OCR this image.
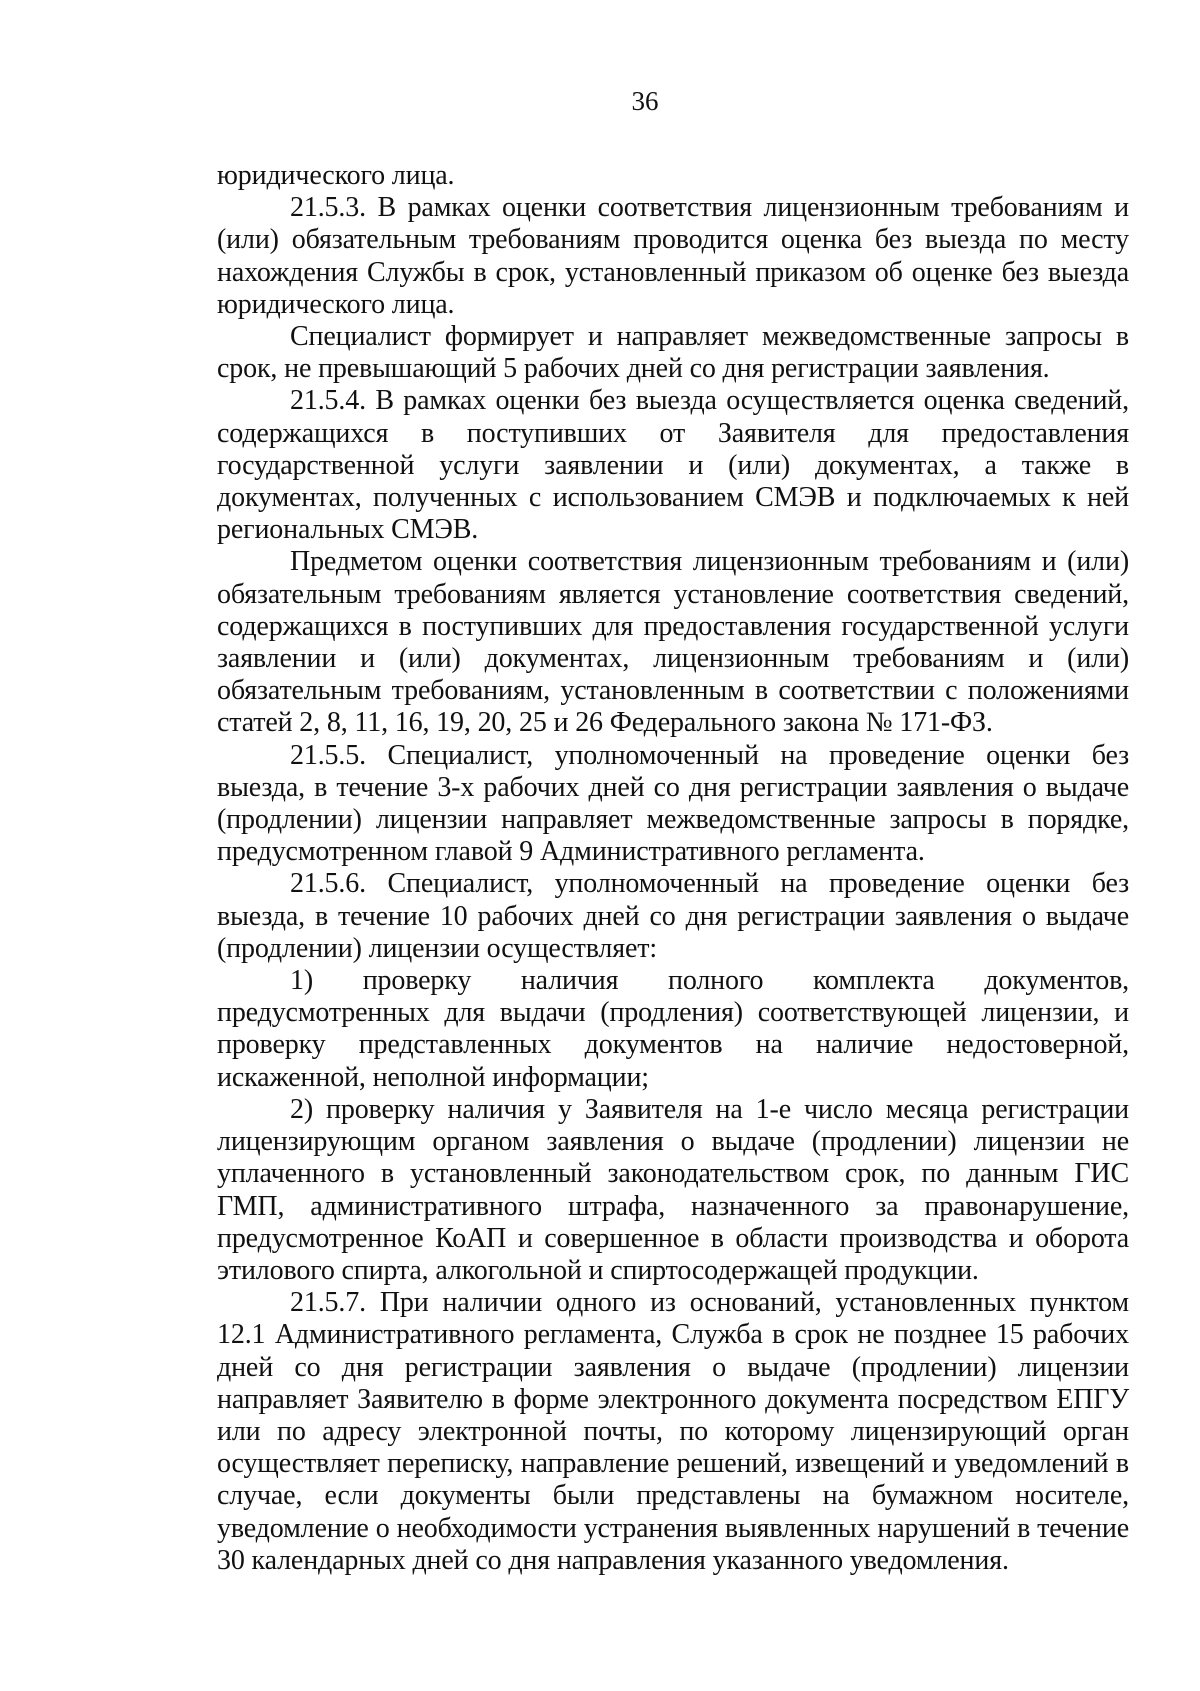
36

юридического лица.

21.5.3. В рамках оценки соответствия лицензионным требованиям и (или) обязательным требованиям проводится оценка без выезда по месту нахождения Службы в срок, установленный приказом об оценке без выезда юридического лица.

Специалист формирует и направляет межведомственные запросы в срок, не превышающий 5 рабочих дней со дня регистрации заявления.

21.5.4. В рамках оценки без выезда осуществляется оценка сведений, содержащихся в поступивших от Заявителя для предоставления государственной услуги заявлении и (или) документах, а также в документах, полученных с использованием СМЭВ и подключаемых к ней региональных СМЭВ.

Предметом оценки соответствия лицензионным требованиям и (или) обязательным требованиям является установление соответствия сведений, содержащихся в поступивших для предоставления государственной услуги заявлении и (или) документах, лицензионным требованиям и (или) обязательным требованиям, установленным в соответствии с положениями статей 2, 8, 11, 16, 19, 20, 25 и 26 Федерального закона № 171-ФЗ.

21.5.5. Специалист, уполномоченный на проведение оценки без выезда, в течение 3-х рабочих дней со дня регистрации заявления о выдаче (продлении) лицензии направляет межведомственные запросы в порядке, предусмотренном главой 9 Административного регламента.

21.5.6. Специалист, уполномоченный на проведение оценки без выезда, в течение 10 рабочих дней со дня регистрации заявления о выдаче (продлении) лицензии осуществляет:

1) проверку наличия полного комплекта документов, предусмотренных для выдачи (продления) соответствующей лицензии, и проверку представленных документов на наличие недостоверной, искаженной, неполной информации;

2) проверку наличия у Заявителя на 1-е число месяца регистрации лицензирующим органом заявления о выдаче (продлении) лицензии не уплаченного в установленный законодательством срок, по данным ГИС ГМП, административного штрафа, назначенного за правонарушение, предусмотренное КоАП и совершенное в области производства и оборота этилового спирта, алкогольной и спиртосодержащей продукции.

21.5.7. При наличии одного из оснований, установленных пунктом 12.1 Административного регламента, Служба в срок не позднее 15 рабочих дней со дня регистрации заявления о выдаче (продлении) лицензии направляет Заявителю в форме электронного документа посредством ЕПГУ или по адресу электронной почты, по которому лицензирующий орган осуществляет переписку, направление решений, извещений и уведомлений в случае, если документы были представлены на бумажном носителе, уведомление о необходимости устранения выявленных нарушений в течение 30 календарных дней со дня направления указанного уведомления.
